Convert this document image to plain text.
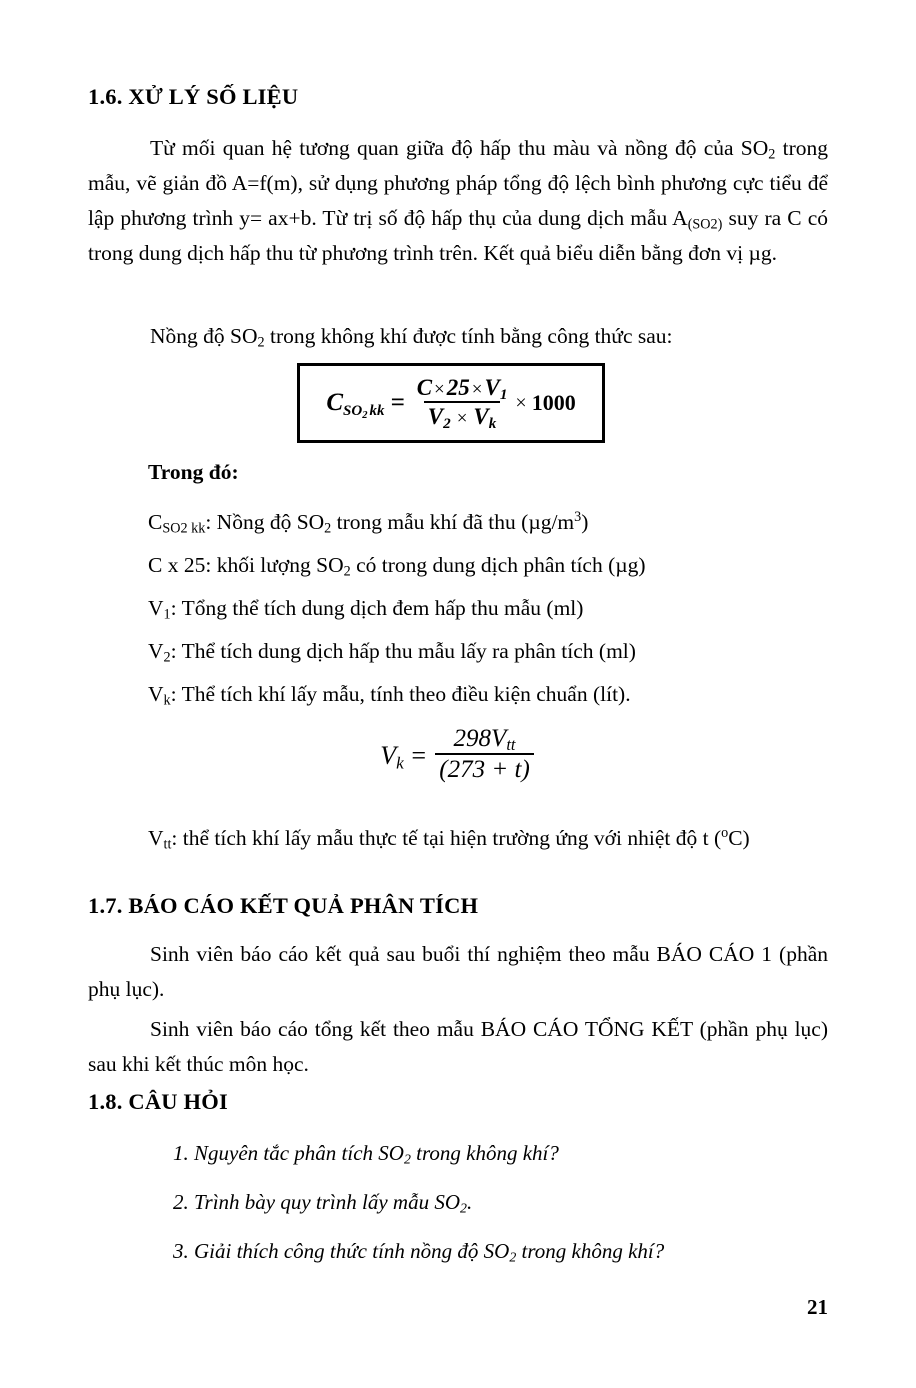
1.6. XỬ LÝ SỐ LIỆU
Từ mối quan hệ tương quan giữa độ hấp thu màu và nồng độ của $SO_2$ trong mẫu, vẽ giản đồ A=f(m), sử dụng phương pháp tổng độ lệch bình phương cực tiểu để lập phương trình y= ax+b. Từ trị số độ hấp thụ của dung dịch mẫu $A_{(SO2)}$ suy ra C có trong dung dịch hấp thu từ phương trình trên. Kết quả biểu diễn bằng đơn vị µg.
Nồng độ $SO_2$ trong không khí được tính bằng công thức sau:
$C_{SO_2 kk} = \frac{C \times 25 \times V_1}{V_2 \times V_k} \times 1000$
Trong đó:
$C_{SO2 kk}$: Nồng độ $SO_2$ trong mẫu khí đã thu $(\mu g/m^3)$
C x 25: khối lượng $SO_2$ có trong dung dịch phân tích (µg)
$V_1$: Tổng thể tích dung dịch đem hấp thu mẫu (ml)
$V_2$: Thể tích dung dịch hấp thu mẫu lấy ra phân tích (ml)
$V_k$: Thể tích khí lấy mẫu, tính theo điều kiện chuẩn (lít).
$V_k = \frac{298V_{tt}}{(273 + t)}$
$V_{tt}$: thể tích khí lấy mẫu thực tế tại hiện trường ứng với nhiệt độ t ($^o$C)
1.7. BÁO CÁO KẾT QUẢ PHÂN TÍCH
Sinh viên báo cáo kết quả sau buổi thí nghiệm theo mẫu BÁO CÁO 1 (phần phụ lục).
Sinh viên báo cáo tổng kết theo mẫu BÁO CÁO TỔNG KẾT (phần phụ lục) sau khi kết thúc môn học.
1.8. CÂU HỎI
1. Nguyên tắc phân tích $SO_2$ trong không khí?
2. Trình bày quy trình lấy mẫu $SO_2$.
3. Giải thích công thức tính nồng độ $SO_2$ trong không khí?
21
